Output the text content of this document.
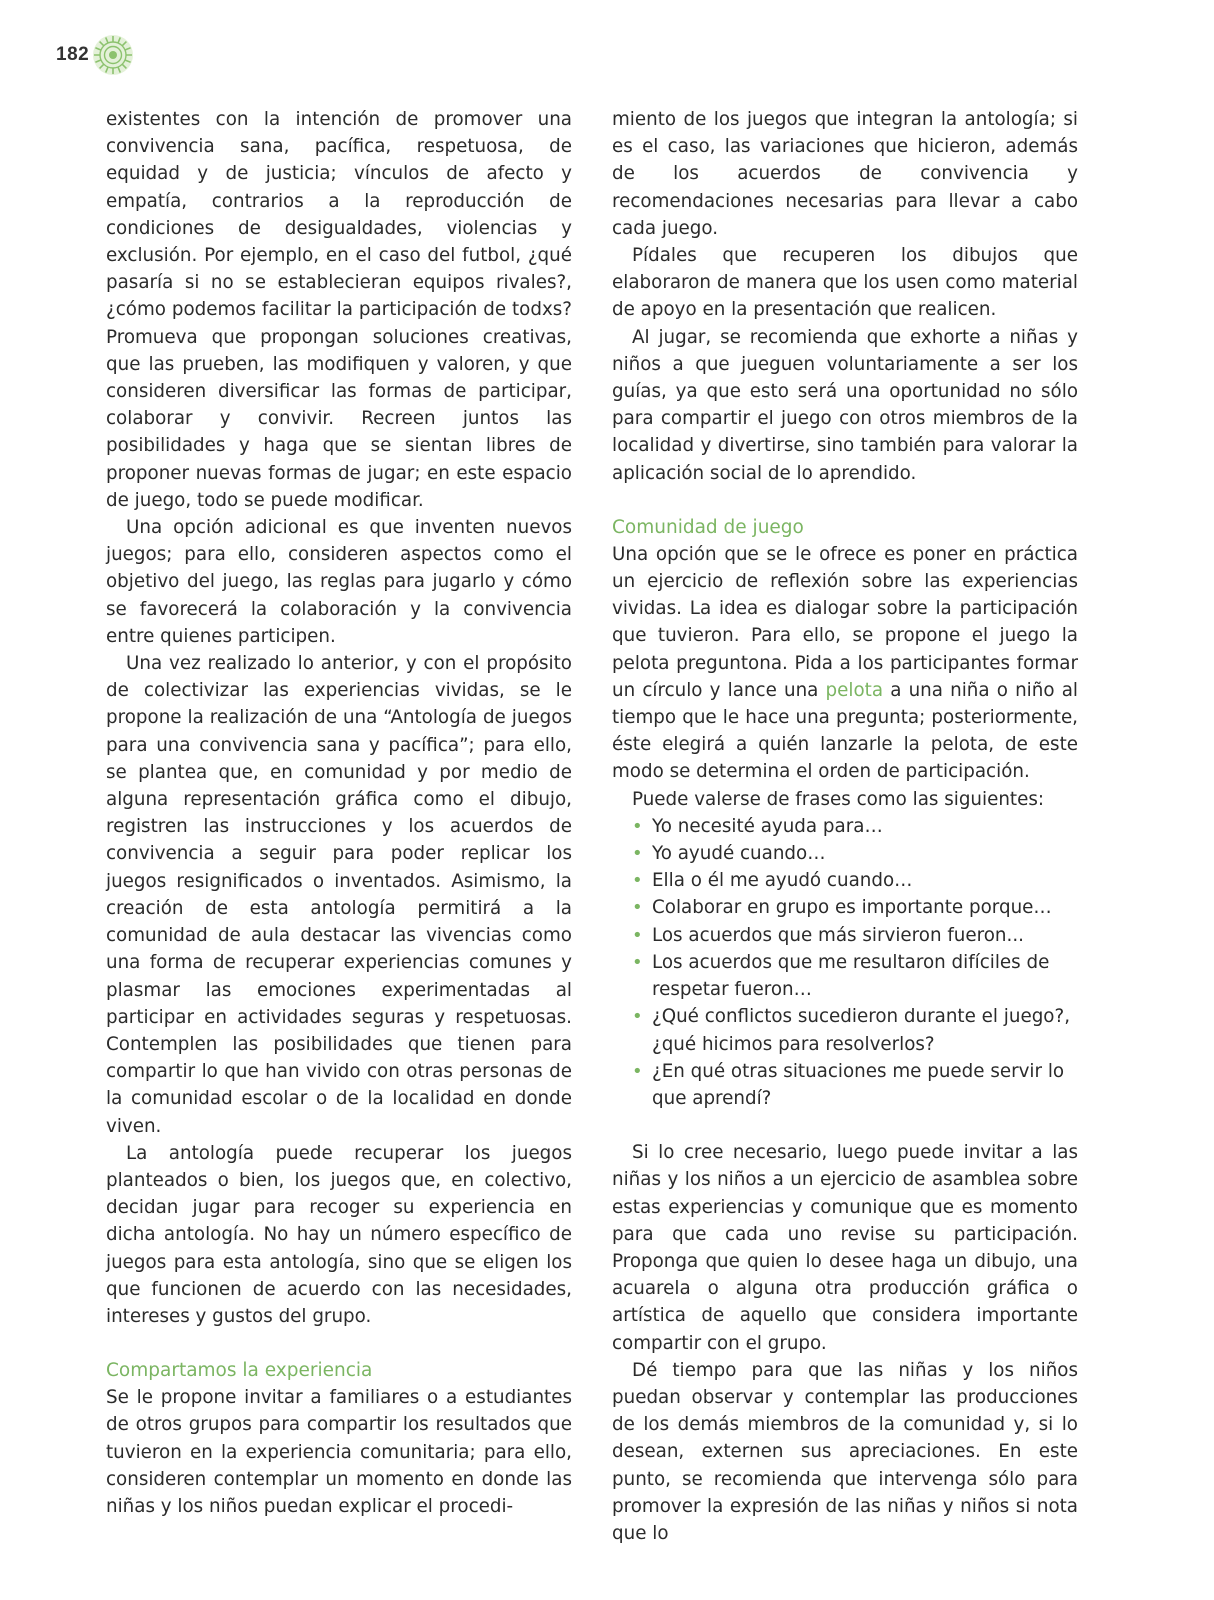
182

existentes con la intención de promover una convivencia sana, pacífica, respetuosa, de equidad y de justicia; vínculos de afecto y empatía, contrarios a la reproducción de condiciones de desigualdades, violencias y exclusión. Por ejemplo, en el caso del futbol, ¿qué pasaría si no se establecieran equipos rivales?, ¿cómo podemos facilitar la participación de todxs? Promueva que propongan soluciones creativas, que las prueben, las modifiquen y valoren, y que consideren diversificar las formas de participar, colaborar y convivir. Recreen juntos las posibilidades y haga que se sientan libres de proponer nuevas formas de jugar; en este espacio de juego, todo se puede modificar.

Una opción adicional es que inventen nuevos juegos; para ello, consideren aspectos como el objetivo del juego, las reglas para jugarlo y cómo se favorecerá la colaboración y la convivencia entre quienes participen.

Una vez realizado lo anterior, y con el propósito de colectivizar las experiencias vividas, se le propone la realización de una “Antología de juegos para una convivencia sana y pacífica”; para ello, se plantea que, en comunidad y por medio de alguna representación gráfica como el dibujo, registren las instrucciones y los acuerdos de convivencia a seguir para poder replicar los juegos resignificados o inventados. Asimismo, la creación de esta antología permitirá a la comunidad de aula destacar las vivencias como una forma de recuperar experiencias comunes y plasmar las emociones experimentadas al participar en actividades seguras y respetuosas. Contemplen las posibilidades que tienen para compartir lo que han vivido con otras personas de la comunidad escolar o de la localidad en donde viven.

La antología puede recuperar los juegos planteados o bien, los juegos que, en colectivo, decidan jugar para recoger su experiencia en dicha antología. No hay un número específico de juegos para esta antología, sino que se eligen los que funcionen de acuerdo con las necesidades, intereses y gustos del grupo.

Compartamos la experiencia

Se le propone invitar a familiares o a estudiantes de otros grupos para compartir los resultados que tuvieron en la experiencia comunitaria; para ello, consideren contemplar un momento en donde las niñas y los niños puedan explicar el procedi-

miento de los juegos que integran la antología; si es el caso, las variaciones que hicieron, además de los acuerdos de convivencia y recomendaciones necesarias para llevar a cabo cada juego.

Pídales que recuperen los dibujos que elaboraron de manera que los usen como material de apoyo en la presentación que realicen.

Al jugar, se recomienda que exhorte a niñas y niños a que jueguen voluntariamente a ser los guías, ya que esto será una oportunidad no sólo para compartir el juego con otros miembros de la localidad y divertirse, sino también para valorar la aplicación social de lo aprendido.

Comunidad de juego

Una opción que se le ofrece es poner en práctica un ejercicio de reflexión sobre las experiencias vividas. La idea es dialogar sobre la participación que tuvieron. Para ello, se propone el juego la pelota preguntona. Pida a los participantes formar un círculo y lance una pelota a una niña o niño al tiempo que le hace una pregunta; posteriormente, éste elegirá a quién lanzarle la pelota, de este modo se determina el orden de participación.

Puede valerse de frases como las siguientes:

• Yo necesité ayuda para…
• Yo ayudé cuando…
• Ella o él me ayudó cuando…
• Colaborar en grupo es importante porque…
• Los acuerdos que más sirvieron fueron...
• Los acuerdos que me resultaron difíciles de respetar fueron…
• ¿Qué conflictos sucedieron durante el juego?, ¿qué hicimos para resolverlos?
• ¿En qué otras situaciones me puede servir lo que aprendí?

Si lo cree necesario, luego puede invitar a las niñas y los niños a un ejercicio de asamblea sobre estas experiencias y comunique que es momento para que cada uno revise su participación. Proponga que quien lo desee haga un dibujo, una acuarela o alguna otra producción gráfica o artística de aquello que considera importante compartir con el grupo.

Dé tiempo para que las niñas y los niños puedan observar y contemplar las producciones de los demás miembros de la comunidad y, si lo desean, externen sus apreciaciones. En este punto, se recomienda que intervenga sólo para promover la expresión de las niñas y niños si nota que lo
